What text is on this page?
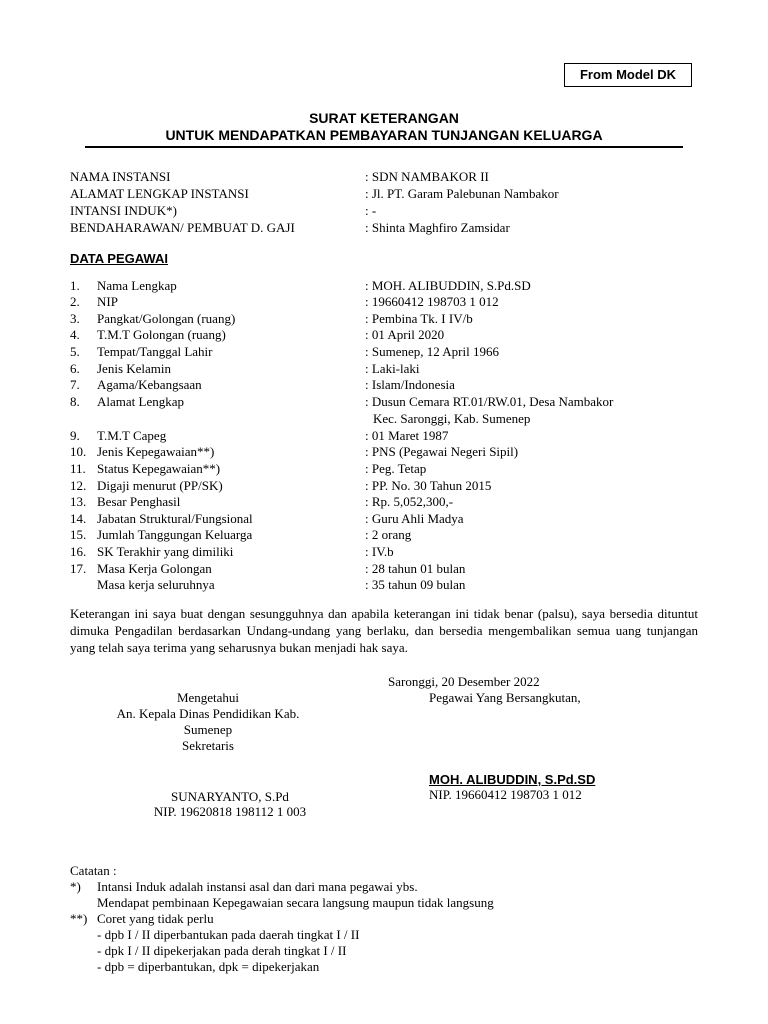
From Model DK
SURAT KETERANGAN
UNTUK MENDAPATKAN PEMBAYARAN TUNJANGAN KELUARGA
NAMA INSTANSI	: SDN NAMBAKOR II
ALAMAT LENGKAP INSTANSI	: Jl. PT. Garam Palebunan Nambakor
INTANSI INDUK*)	: -
BENDAHARAWAN/ PEMBUAT D. GAJI	: Shinta Maghfiro Zamsidar
DATA PEGAWAI
1. Nama Lengkap	: MOH. ALIBUDDIN, S.Pd.SD
2. NIP	: 19660412 198703 1 012
3. Pangkat/Golongan (ruang)	: Pembina Tk. I IV/b
4. T.M.T Golongan (ruang)	: 01 April 2020
5. Tempat/Tanggal Lahir	: Sumenep, 12 April 1966
6. Jenis Kelamin	: Laki-laki
7. Agama/Kebangsaan	: Islam/Indonesia
8. Alamat Lengkap	: Dusun Cemara RT.01/RW.01, Desa Nambakor
Kec. Saronggi, Kab. Sumenep
9. T.M.T Capeg	: 01 Maret 1987
10. Jenis Kepegawaian**)	: PNS (Pegawai Negeri Sipil)
11. Status Kepegawaian**)	: Peg. Tetap
12. Digaji menurut (PP/SK)	: PP. No. 30 Tahun 2015
13. Besar Penghasil	: Rp. 5,052,300,-
14. Jabatan Struktural/Fungsional	: Guru Ahli Madya
15. Jumlah Tanggungan Keluarga	: 2 orang
16. SK Terakhir yang dimiliki	: IV.b
17. Masa Kerja Golongan	: 28 tahun 01 bulan
Masa kerja seluruhnya	: 35 tahun 09 bulan
Keterangan ini saya buat dengan sesungguhnya dan apabila keterangan ini tidak benar (palsu), saya bersedia dituntut dimuka Pengadilan berdasarkan Undang-undang yang berlaku, dan bersedia mengembalikan semua uang tunjangan yang telah saya terima yang seharusnya bukan menjadi hak saya.
Saronggi, 20 Desember 2022
Pegawai Yang Bersangkutan,
Mengetahui
An. Kepala Dinas Pendidikan Kab.
Sumenep
Sekretaris
MOH. ALIBUDDIN, S.Pd.SD
NIP. 19660412 198703 1 012
SUNARYANTO, S.Pd
NIP. 19620818 198112 1 003
Catatan :
*) Intansi Induk adalah instansi asal dan dari mana pegawai ybs.
Mendapat pembinaan Kepegawaian secara langsung maupun tidak langsung
**) Coret yang tidak perlu
- dpb I / II diperbantukan pada daerah tingkat I / II
- dpk I / II dipekerjakan pada derah tingkat I / II
- dpb = diperbantukan, dpk = dipekerjakan
